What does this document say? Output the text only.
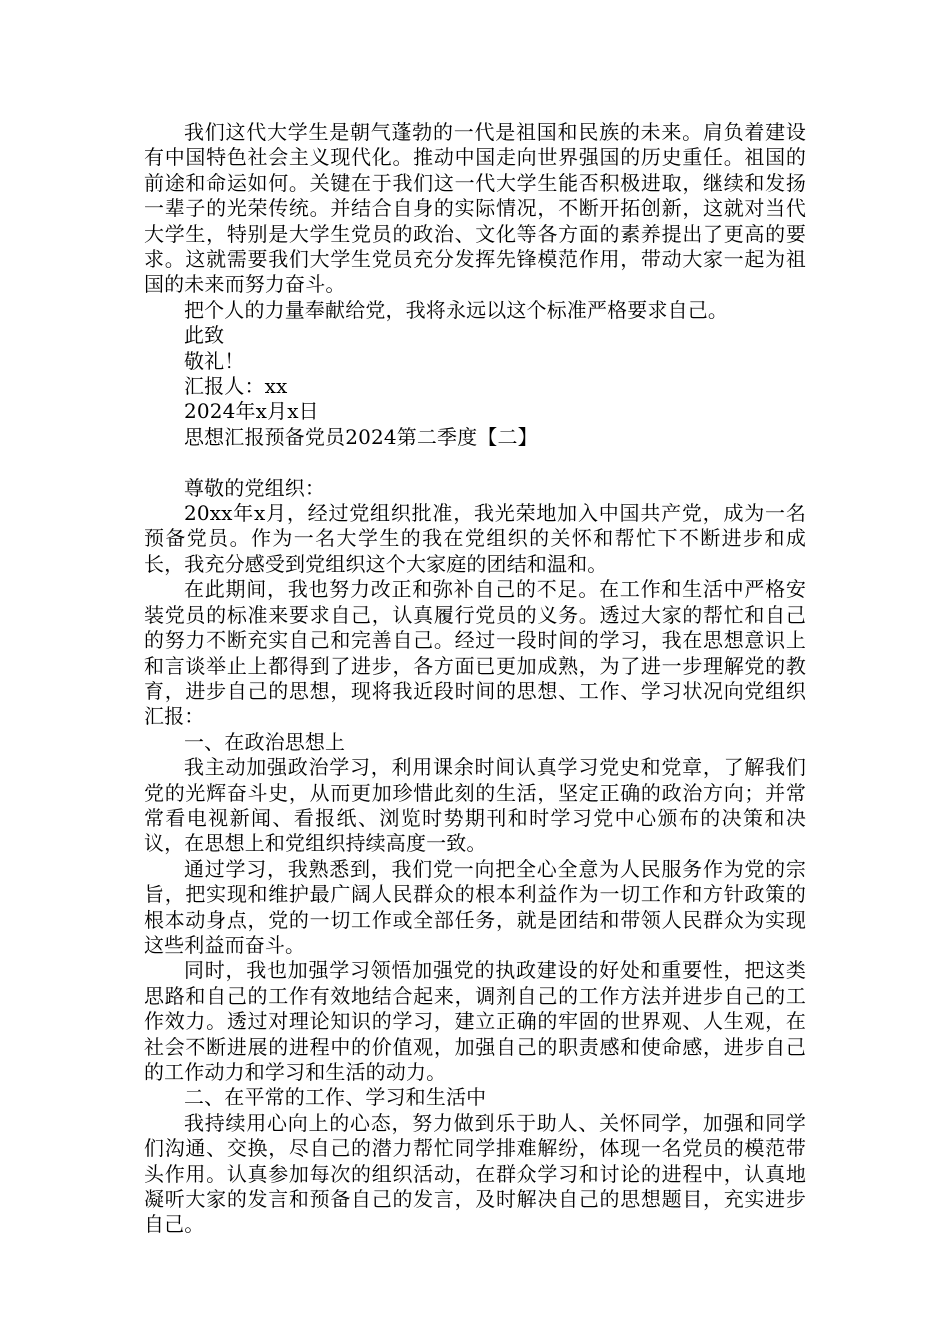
我们这代大学生是朝气蓬勃的一代是祖国和民族的未来。肩负着建设有中国特色社会主义现代化。推动中国走向世界强国的历史重任。祖国的前途和命运如何。关键在于我们这一代大学生能否积极进取，继续和发扬一辈子的光荣传统。并结合自身的实际情况，不断开拓创新，这就对当代大学生，特别是大学生党员的政治、文化等各方面的素养提出了更高的要求。这就需要我们大学生党员充分发挥先锋模范作用，带动大家一起为祖国的未来而努力奋斗。

把个人的力量奉献给党，我将永远以这个标准严格要求自己。

此致

敬礼！

汇报人：xx

2024年x月x日

思想汇报预备党员2024第二季度【二】

尊敬的党组织：

20xx年x月，经过党组织批准，我光荣地加入中国共产党，成为一名预备党员。作为一名大学生的我在党组织的关怀和帮忙下不断进步和成长，我充分感受到党组织这个大家庭的团结和温和。

在此期间，我也努力改正和弥补自己的不足。在工作和生活中严格安装党员的标准来要求自己，认真履行党员的义务。透过大家的帮忙和自己的努力不断充实自己和完善自己。经过一段时间的学习，我在思想意识上和言谈举止上都得到了进步，各方面已更加成熟，为了进一步理解党的教育，进步自己的思想，现将我近段时间的思想、工作、学习状况向党组织汇报：

一、在政治思想上

我主动加强政治学习，利用课余时间认真学习党史和党章，了解我们党的光辉奋斗史，从而更加珍惜此刻的生活，坚定正确的政治方向；并常常看电视新闻、看报纸、浏览时势期刊和时学习党中心颁布的决策和决议，在思想上和党组织持续高度一致。

通过学习，我熟悉到，我们党一向把全心全意为人民服务作为党的宗旨，把实现和维护最广阔人民群众的根本利益作为一切工作和方针政策的根本动身点，党的一切工作或全部任务，就是团结和带领人民群众为实现这些利益而奋斗。

同时，我也加强学习领悟加强党的执政建设的好处和重要性，把这类思路和自己的工作有效地结合起来，调剂自己的工作方法并进步自己的工作效力。透过对理论知识的学习，建立正确的牢固的世界观、人生观，在社会不断进展的进程中的价值观，加强自己的职责感和使命感，进步自己的工作动力和学习和生活的动力。

二、在平常的工作、学习和生活中

我持续用心向上的心态，努力做到乐于助人、关怀同学，加强和同学们沟通、交换，尽自己的潜力帮忙同学排难解纷，体现一名党员的模范带头作用。认真参加每次的组织活动，在群众学习和讨论的进程中，认真地凝听大家的发言和预备自己的发言，及时解决自己的思想题目，充实进步自己。
